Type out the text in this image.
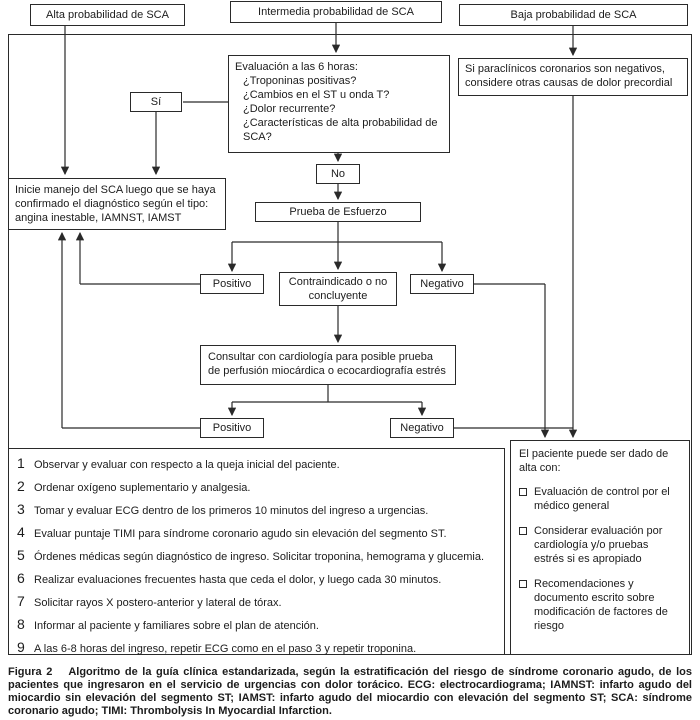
Alta probabilidad de SCA	Intermedia probabilidad de SCA	Baja probabilidad de SCA
Evaluación a las 6 horas:
¿Troponinas positivas?
¿Cambios en el ST u onda T?
¿Dolor recurrente?
¿Características de alta probabilidad de SCA?
Si paraclínicos coronarios son negativos, considere otras causas de dolor precordial
Sí
No
Inicie manejo del SCA luego que se haya confirmado el diagnóstico según el tipo: angina inestable, IAMNST, IAMST	Prueba de Esfuerzo
Positivo	Contraindicado o no concluyente
Negativo
Consultar con cardiología para posible prueba de perfusión miocárdica o ecocardiografía estrés
Positivo	Negativo
1 Observar y evaluar con respecto a la queja inicial del paciente.
2 Ordenar oxígeno suplementario y analgesia.
3 Tomar y evaluar ECG dentro de los primeros 10 minutos del ingreso a urgencias.
4 Evaluar puntaje TIMI para síndrome coronario agudo sin elevación del segmento ST.
5 Órdenes médicas según diagnóstico de ingreso. Solicitar troponina, hemograma y glucemia.
6 Realizar evaluaciones frecuentes hasta que ceda el dolor, y luego cada 30 minutos.
7 Solicitar rayos X postero-anterior y lateral de tórax.
8 Informar al paciente y familiares sobre el plan de atención.
9 A las 6-8 horas del ingreso, repetir ECG como en el paso 3 y repetir troponina.
El paciente puede ser dado de alta con:
Evaluación de control por el médico general
Considerar evaluación por cardiología y/o pruebas estrés si es apropiado
Recomendaciones y documento escrito sobre modificación de factores de riesgo

Figura 2 Algoritmo de la guía clínica estandarizada, según la estratificación del riesgo de síndrome coronario agudo, de los pacientes que ingresaron en el servicio de urgencias con dolor torácico. ECG: electrocardiograma; IAMNST: infarto agudo del miocardio sin elevación del segmento ST; IAMST: infarto agudo del miocardio con elevación del segmento ST; SCA: síndrome coronario agudo; TIMI: Thrombolysis In Myocardial Infarction.
